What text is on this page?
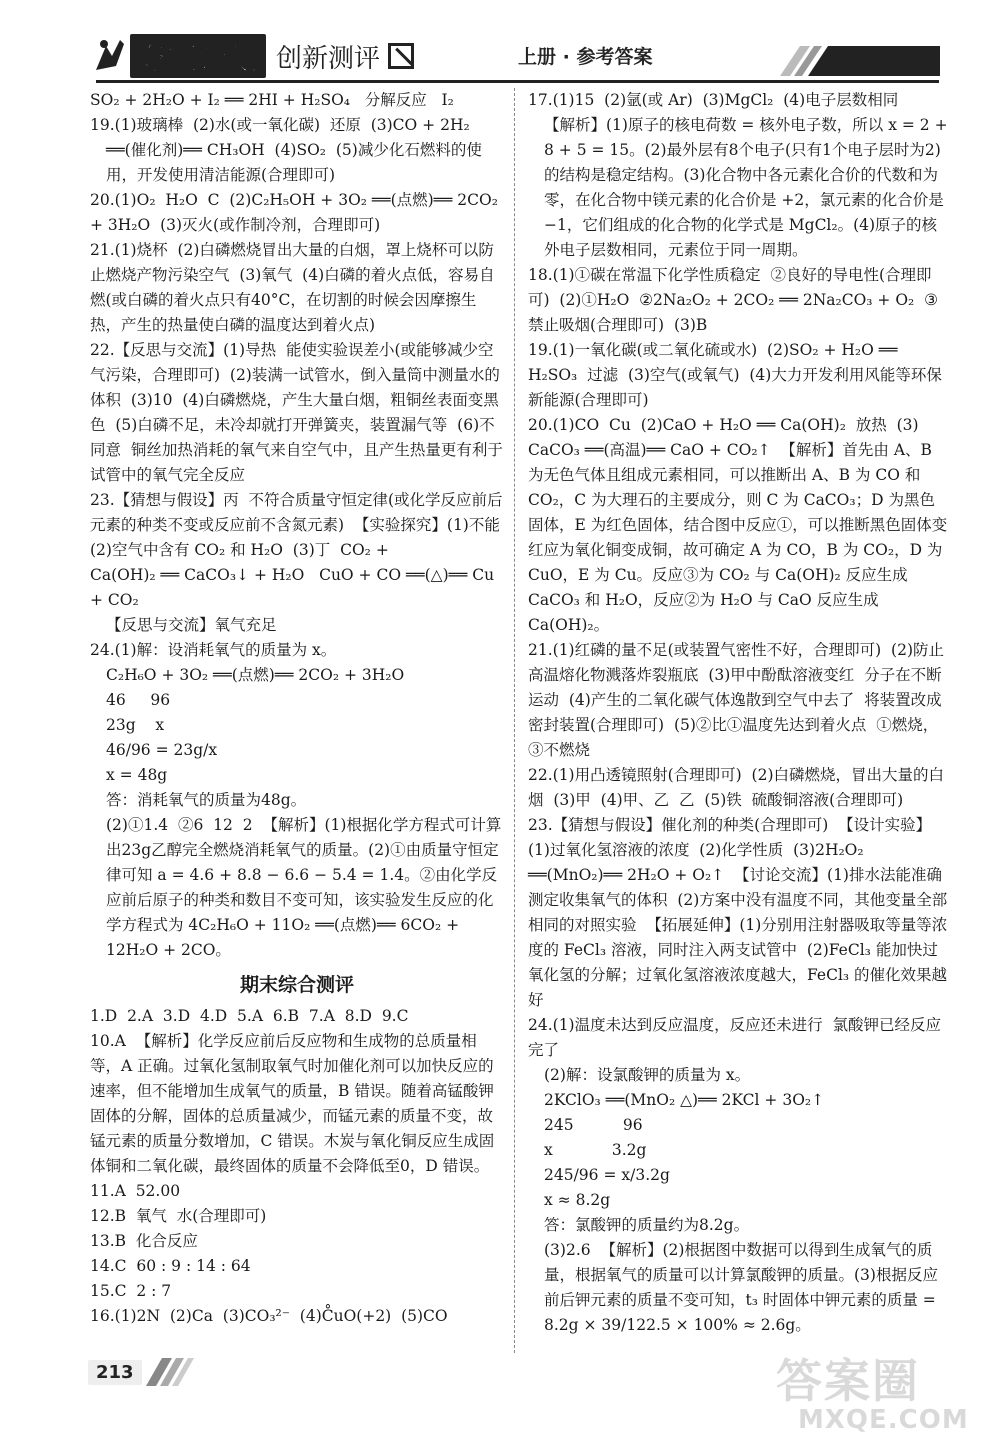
夺冠计划 创新测评	上册 · 参考答案
SO₂ + 2H₂O + I₂ ══ 2HI + H₂SO₄   分解反应   I₂
19.(1)玻璃棒  (2)水(或一氧化碳)  还原  (3)CO + 2H₂
══(催化剂)══ CH₃OH  (4)SO₂  (5)减少化石燃料的使用，开发使用清洁能源(合理即可)
20.(1)O₂  H₂O  C  (2)C₂H₅OH + 3O₂ ══(点燃)══ 2CO₂ + 3H₂O  (3)灭火(或作制冷剂，合理即可)
21.(1)烧杯  (2)白磷燃烧冒出大量的白烟，罩上烧杯可以防止燃烧产物污染空气  (3)氧气  (4)白磷的着火点低，容易自燃(或白磷的着火点只有40°C，在切割的时候会因摩擦生热，产生的热量使白磷的温度达到着火点)
22.【反思与交流】(1)导热  能使实验误差小(或能够减少空气污染，合理即可)  (2)装满一试管水，倒入量筒中测量水的体积  (3)10  (4)白磷燃烧，产生大量白烟，粗铜丝表面变黑色  (5)白磷不足，未冷却就打开弹簧夹，装置漏气等  (6)不同意  铜丝加热消耗的氧气来自空气中，且产生热量更有利于试管中的氧气完全反应
23.【猜想与假设】丙  不符合质量守恒定律(或化学反应前后元素的种类不变或反应前不含氮元素)  【实验探究】(1)不能  (2)空气中含有 CO₂ 和 H₂O  (3)丁  CO₂ +
Ca(OH)₂ ══ CaCO₃↓ + H₂O   CuO + CO ══(△)══ Cu + CO₂
【反思与交流】氧气充足
24.(1)解：设消耗氧气的质量为 x。
C₂H₆O + 3O₂ ══(点燃)══ 2CO₂ + 3H₂O
46     96
23g    x
46/96 = 23g/x
x = 48g
答：消耗氧气的质量为48g。
(2)①1.4  ②6  12  2  【解析】(1)根据化学方程式可计算出23g乙醇完全燃烧消耗氧气的质量。(2)①由质量守恒定律可知 a = 4.6 + 8.8 − 6.6 − 5.4 = 1.4。②由化学反应前后原子的种类和数目不变可知，该实验发生反应的化学方程式为 4C₂H₆O + 11O₂ ══(点燃)══ 6CO₂ + 12H₂O + 2CO。
期末综合测评
1.D  2.A  3.D  4.D  5.A  6.B  7.A  8.D  9.C
10.A  【解析】化学反应前后反应物和生成物的总质量相等，A 正确。过氧化氢制取氧气时加催化剂可以加快反应的速率，但不能增加生成氧气的质量，B 错误。随着高锰酸钾固体的分解，固体的总质量减少，而锰元素的质量不变，故锰元素的质量分数增加，C 错误。木炭与氧化铜反应生成固体铜和二氧化碳，最终固体的质量不会降低至0，D 错误。
11.A  52.00
12.B  氧气  水(合理即可)
13.B  化合反应
14.C  60 : 9 : 14 : 64
15.C  2 : 7
16.(1)2N  (2)Ca  (3)CO₃²⁻  (4)C̊uO(+2)  (5)CO
17.(1)15  (2)氩(或 Ar)  (3)MgCl₂  (4)电子层数相同
【解析】(1)原子的核电荷数 = 核外电子数，所以 x = 2 + 8 + 5 = 15。(2)最外层有8个电子(只有1个电子层时为2)的结构是稳定结构。(3)化合物中各元素化合价的代数和为零，在化合物中镁元素的化合价是 +2，氯元素的化合价是 −1，它们组成的化合物的化学式是 MgCl₂。(4)原子的核外电子层数相同，元素位于同一周期。
18.(1)①碳在常温下化学性质稳定  ②良好的导电性(合理即可)  (2)①H₂O  ②2Na₂O₂ + 2CO₂ ══ 2Na₂CO₃ + O₂  ③禁止吸烟(合理即可)  (3)B
19.(1)一氧化碳(或二氧化硫或水)  (2)SO₂ + H₂O ══ H₂SO₃  过滤  (3)空气(或氧气)  (4)大力开发利用风能等环保新能源(合理即可)
20.(1)CO  Cu  (2)CaO + H₂O ══ Ca(OH)₂  放热  (3)
CaCO₃ ══(高温)══ CaO + CO₂↑  【解析】首先由 A、B 为无色气体且组成元素相同，可以推断出 A、B 为 CO 和 CO₂，C 为大理石的主要成分，则 C 为 CaCO₃；D 为黑色固体，E 为红色固体，结合图中反应①，可以推断黑色固体变红应为氧化铜变成铜，故可确定 A 为 CO，B 为 CO₂，D 为 CuO，E 为 Cu。反应③为 CO₂ 与 Ca(OH)₂ 反应生成 CaCO₃ 和 H₂O，反应②为 H₂O 与 CaO 反应生成 Ca(OH)₂。
21.(1)红磷的量不足(或装置气密性不好，合理即可)  (2)防止高温熔化物溅落炸裂瓶底  (3)甲中酚酞溶液变红  分子在不断运动  (4)产生的二氧化碳气体逸散到空气中去了  将装置改成密封装置(合理即可)  (5)②比①温度先达到着火点  ①燃烧，③不燃烧
22.(1)用凸透镜照射(合理即可)  (2)白磷燃烧，冒出大量的白烟  (3)甲  (4)甲、乙  乙  (5)铁  硫酸铜溶液(合理即可)
23.【猜想与假设】催化剂的种类(合理即可)  【设计实验】(1)过氧化氢溶液的浓度  (2)化学性质  (3)2H₂O₂
══(MnO₂)══ 2H₂O + O₂↑  【讨论交流】(1)排水法能准确测定收集氧气的体积  (2)方案中没有温度不同，其他变量全部相同的对照实验  【拓展延伸】(1)分别用注射器吸取等量等浓度的 FeCl₃ 溶液，同时注入两支试管中  (2)FeCl₃ 能加快过氧化氢的分解；过氧化氢溶液浓度越大，FeCl₃ 的催化效果越好
24.(1)温度未达到反应温度，反应还未进行  氯酸钾已经反应完了
(2)解：设氯酸钾的质量为 x。
2KClO₃ ══(MnO₂ △)══ 2KCl + 3O₂↑
245          96
x            3.2g
245/96 = x/3.2g
x ≈ 8.2g
答：氯酸钾的质量约为8.2g。
(3)2.6  【解析】(2)根据图中数据可以得到生成氧气的质量，根据氧气的质量可以计算氯酸钾的质量。(3)根据反应前后钾元素的质量不变可知，t₃ 时固体中钾元素的质量 = 8.2g × 39/122.5 × 100% ≈ 2.6g。
213	答案圈
MXQE.COM
